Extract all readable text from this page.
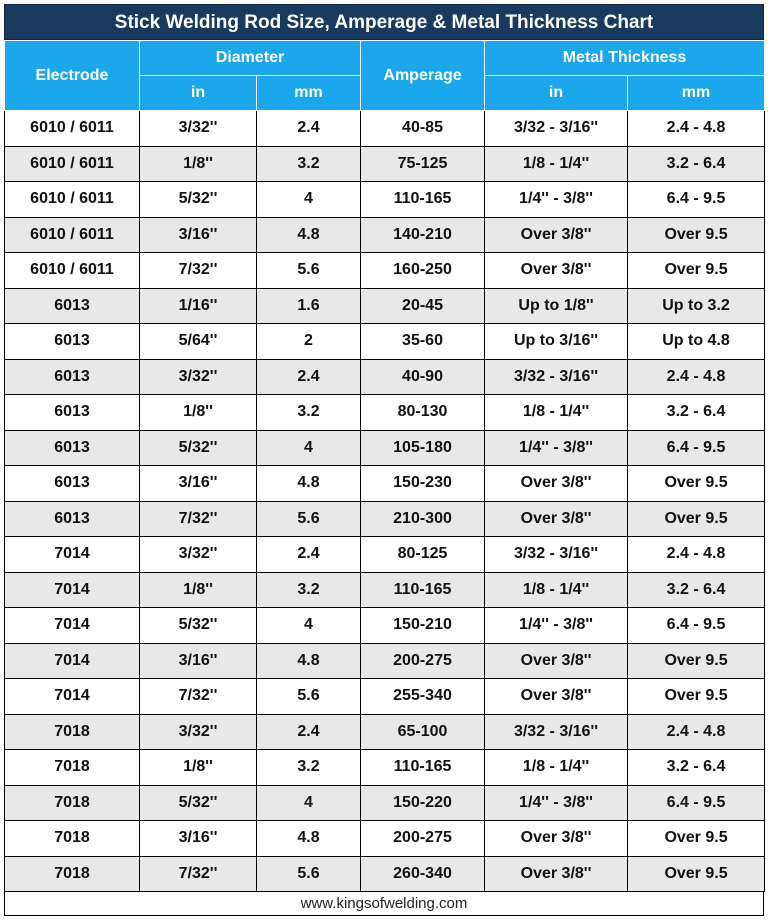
Stick Welding Rod Size, Amperage & Metal Thickness Chart
Electrode	Diameter		Amperage	Metal Thickness	
	in	mm		in	mm
6010 / 6011	3/32''	2.4	40-85	3/32 - 3/16''	2.4 - 4.8
6010 / 6011	1/8''	3.2	75-125	1/8 - 1/4''	3.2 - 6.4
6010 / 6011	5/32''	4	110-165	1/4'' - 3/8''	6.4 - 9.5
6010 / 6011	3/16''	4.8	140-210	Over 3/8''	Over 9.5
6010 / 6011	7/32''	5.6	160-250	Over 3/8''	Over 9.5
6013	1/16''	1.6	20-45	Up to 1/8''	Up to 3.2
6013	5/64''	2	35-60	Up to 3/16''	Up to 4.8
6013	3/32''	2.4	40-90	3/32 - 3/16''	2.4 - 4.8
6013	1/8''	3.2	80-130	1/8 - 1/4''	3.2 - 6.4
6013	5/32''	4	105-180	1/4'' - 3/8''	6.4 - 9.5
6013	3/16''	4.8	150-230	Over 3/8''	Over 9.5
6013	7/32''	5.6	210-300	Over 3/8''	Over 9.5
7014	3/32''	2.4	80-125	3/32 - 3/16''	2.4 - 4.8
7014	1/8''	3.2	110-165	1/8 - 1/4''	3.2 - 6.4
7014	5/32''	4	150-210	1/4'' - 3/8''	6.4 - 9.5
7014	3/16''	4.8	200-275	Over 3/8''	Over 9.5
7014	7/32''	5.6	255-340	Over 3/8''	Over 9.5
7018	3/32''	2.4	65-100	3/32 - 3/16''	2.4 - 4.8
7018	1/8''	3.2	110-165	1/8 - 1/4''	3.2 - 6.4
7018	5/32''	4	150-220	1/4'' - 3/8''	6.4 - 9.5
7018	3/16''	4.8	200-275	Over 3/8''	Over 9.5
7018	7/32''	5.6	260-340	Over 3/8''	Over 9.5
www.kingsofwelding.com
